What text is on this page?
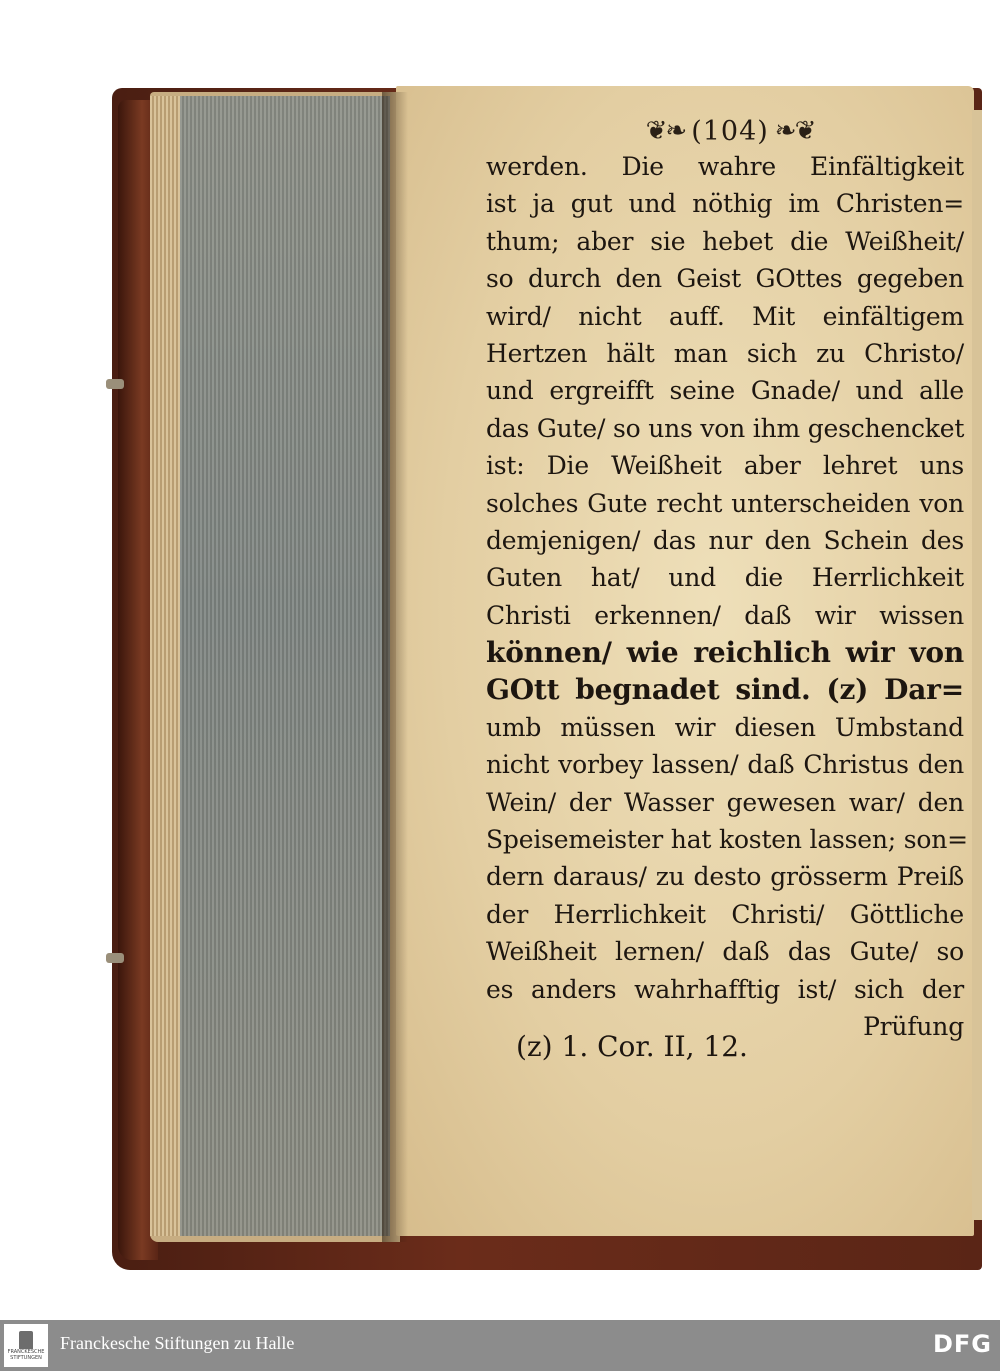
❦❧ (104) ❧❦
werden. Die wahre Einfältigkeit
ist ja gut und nöthig im Christen=
thum; aber sie hebet die Weißheit/
so durch den Geist GOttes gegeben
wird/ nicht auff. Mit einfältigem
Hertzen hält man sich zu Christo/
und ergreifft seine Gnade/ und alle
das Gute/ so uns von ihm geschencket
ist: Die Weißheit aber lehret uns
solches Gute recht unterscheiden von
demjenigen/ das nur den Schein des
Guten hat/ und die Herrlichkeit
Christi erkennen/ daß wir wissen
können/ wie reichlich wir von
GOtt begnadet sind. (z) Dar=
umb müssen wir diesen Umbstand
nicht vorbey lassen/ daß Christus den
Wein/ der Wasser gewesen war/ den
Speisemeister hat kosten lassen; son=
dern daraus/ zu desto grösserm Preiß
der Herrlichkeit Christi/ Göttliche
Weißheit lernen/ daß das Gute/ so
es anders wahrhafftig ist/ sich der
Prüfung
(z) 1. Cor. II, 12.
FRANCKESCHE STIFTUNGEN
Franckesche Stiftungen zu Halle	DFG
